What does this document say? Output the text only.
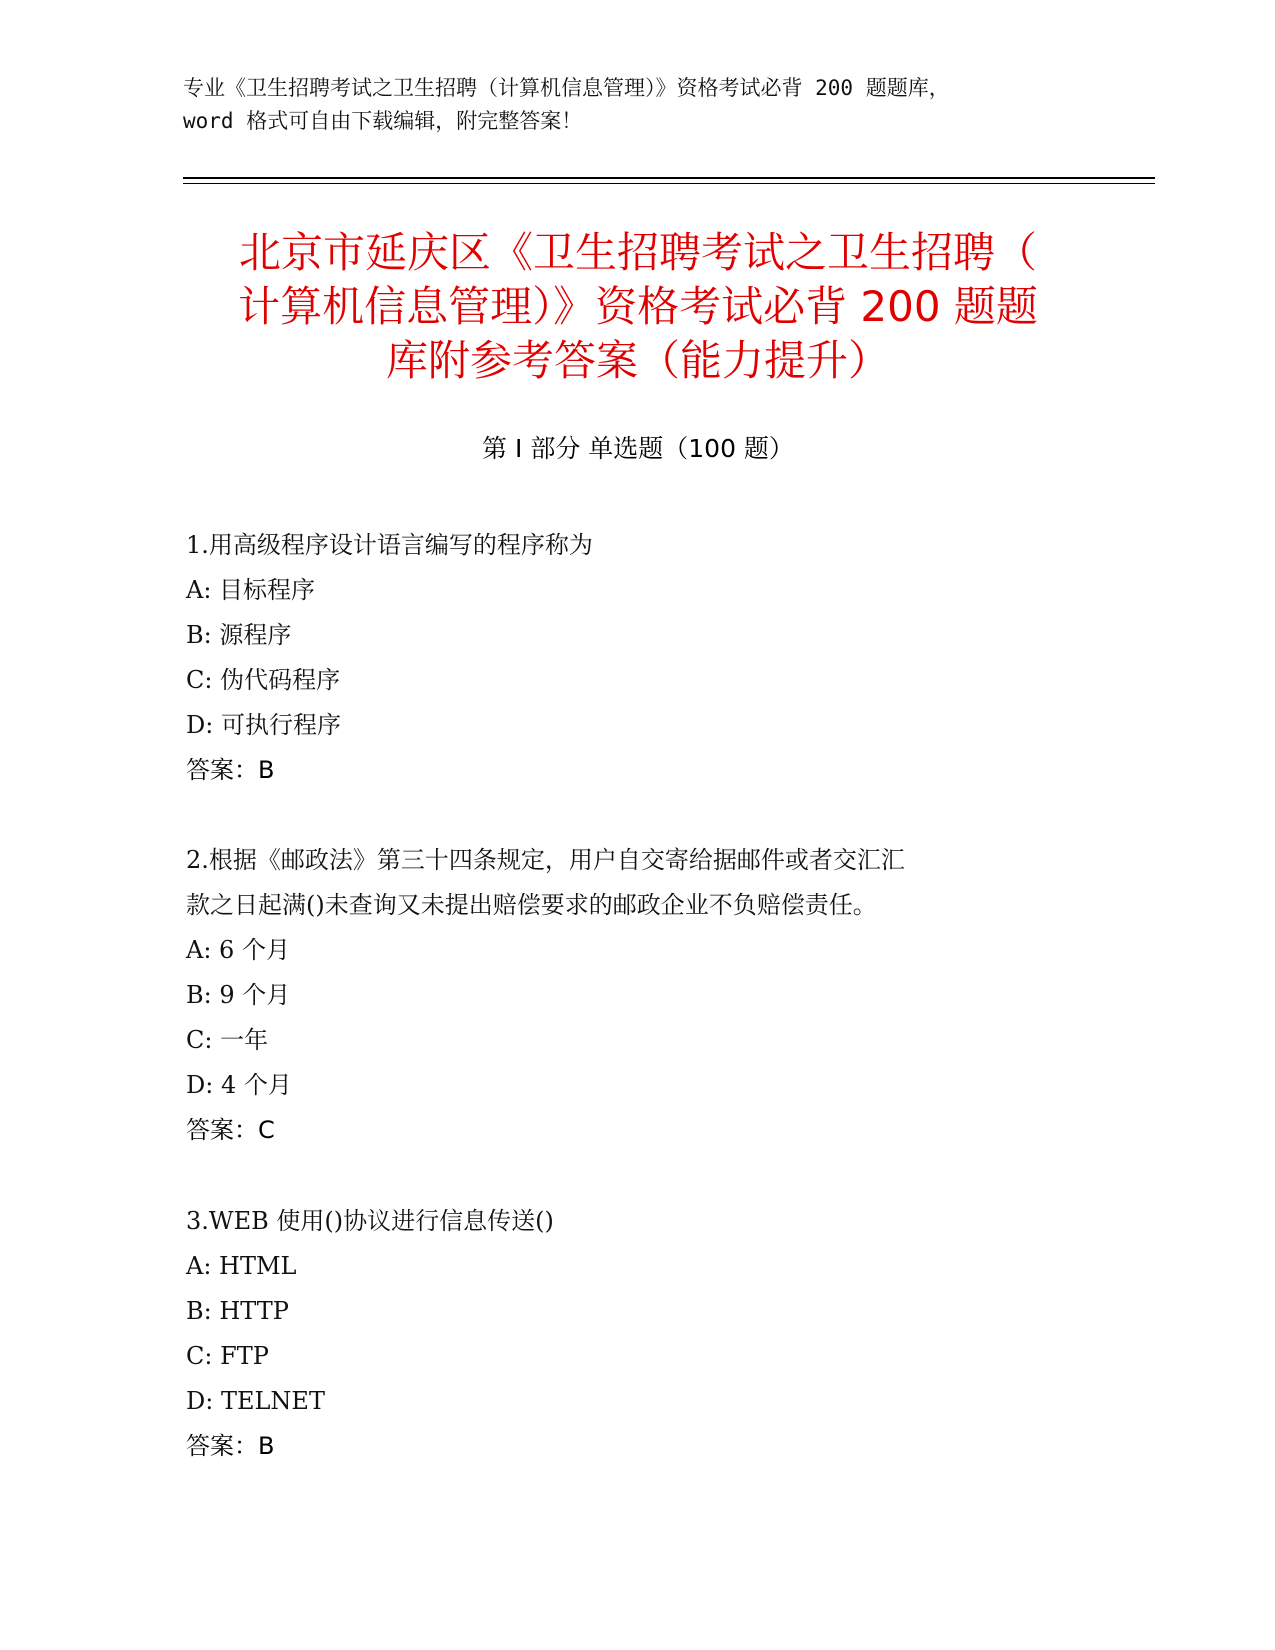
专业《卫生招聘考试之卫生招聘（计算机信息管理）》资格考试必背 200 题题库，
word 格式可自由下载编辑，附完整答案！
北京市延庆区《卫生招聘考试之卫生招聘（
计算机信息管理）》资格考试必背 200 题题
库附参考答案（能力提升）
第 I 部分 单选题（100 题）
1.用高级程序设计语言编写的程序称为
A: 目标程序
B: 源程序
C: 伪代码程序
D: 可执行程序
答案：B
2.根据《邮政法》第三十四条规定，用户自交寄给据邮件或者交汇汇
款之日起满()未查询又未提出赔偿要求的邮政企业不负赔偿责任。
A: 6 个月
B: 9 个月
C: 一年
D: 4 个月
答案：C
3.WEB 使用()协议进行信息传送()
A: HTML
B: HTTP
C: FTP
D: TELNET
答案：B
